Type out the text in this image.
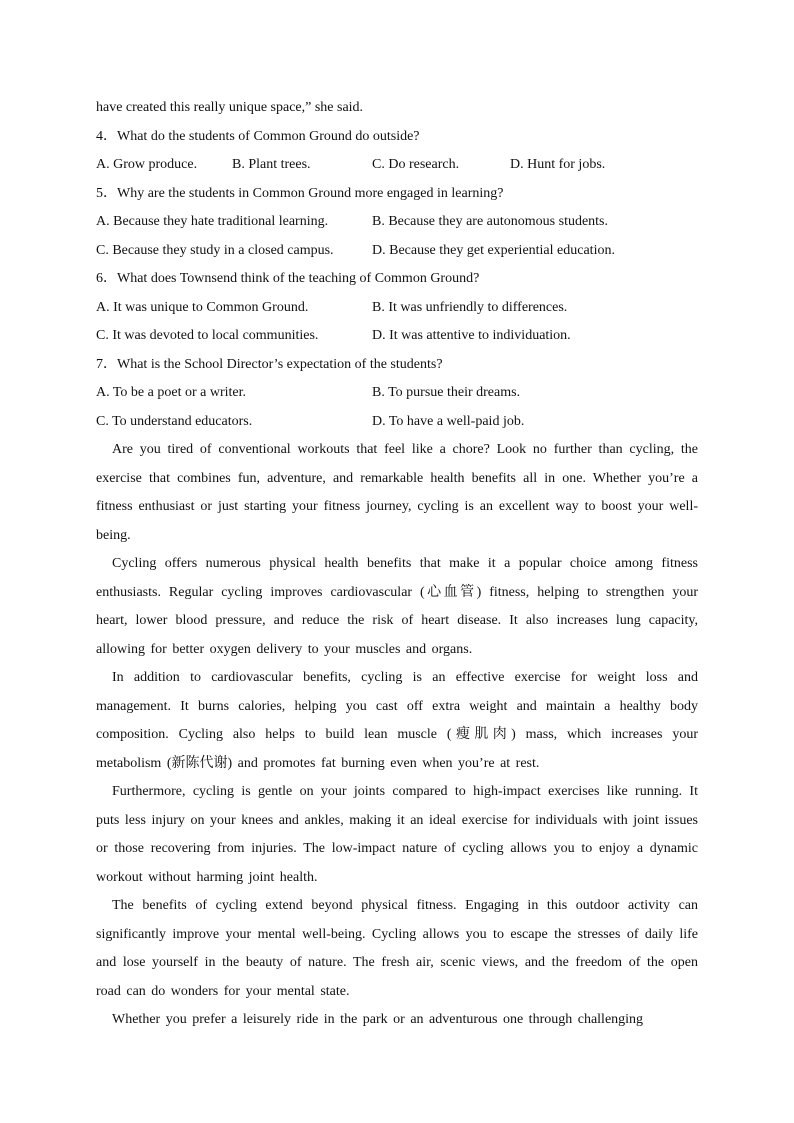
have created this really unique space,” she said.
4．What do the students of Common Ground do outside?
A. Grow produce.	B. Plant trees.	C. Do research.	D. Hunt for jobs.
5．Why are the students in Common Ground more engaged in learning?
A. Because they hate traditional learning.	B. Because they are autonomous students.
C. Because they study in a closed campus.	D. Because they get experiential education.
6．What does Townsend think of the teaching of Common Ground?
A. It was unique to Common Ground.	B. It was unfriendly to differences.
C. It was devoted to local communities.	D. It was attentive to individuation.
7．What is the School Director’s expectation of the students?
A. To be a poet or a writer.	B. To pursue their dreams.
C. To understand educators.	D. To have a well-paid job.

Are you tired of conventional workouts that feel like a chore? Look no further than cycling, the exercise that combines fun, adventure, and remarkable health benefits all in one. Whether you’re a fitness enthusiast or just starting your fitness journey, cycling is an excellent way to boost your well-being.

Cycling offers numerous physical health benefits that make it a popular choice among fitness enthusiasts. Regular cycling improves cardiovascular (心血管) fitness, helping to strengthen your heart, lower blood pressure, and reduce the risk of heart disease. It also increases lung capacity, allowing for better oxygen delivery to your muscles and organs.

In addition to cardiovascular benefits, cycling is an effective exercise for weight loss and management. It burns calories, helping you cast off extra weight and maintain a healthy body composition. Cycling also helps to build lean muscle (瘦肌肉) mass, which increases your metabolism (新陈代谢) and promotes fat burning even when you’re at rest.

Furthermore, cycling is gentle on your joints compared to high-impact exercises like running. It puts less injury on your knees and ankles, making it an ideal exercise for individuals with joint issues or those recovering from injuries. The low-impact nature of cycling allows you to enjoy a dynamic workout without harming joint health.

The benefits of cycling extend beyond physical fitness. Engaging in this outdoor activity can significantly improve your mental well-being. Cycling allows you to escape the stresses of daily life and lose yourself in the beauty of nature. The fresh air, scenic views, and the freedom of the open road can do wonders for your mental state.

Whether you prefer a leisurely ride in the park or an adventurous one through challenging
